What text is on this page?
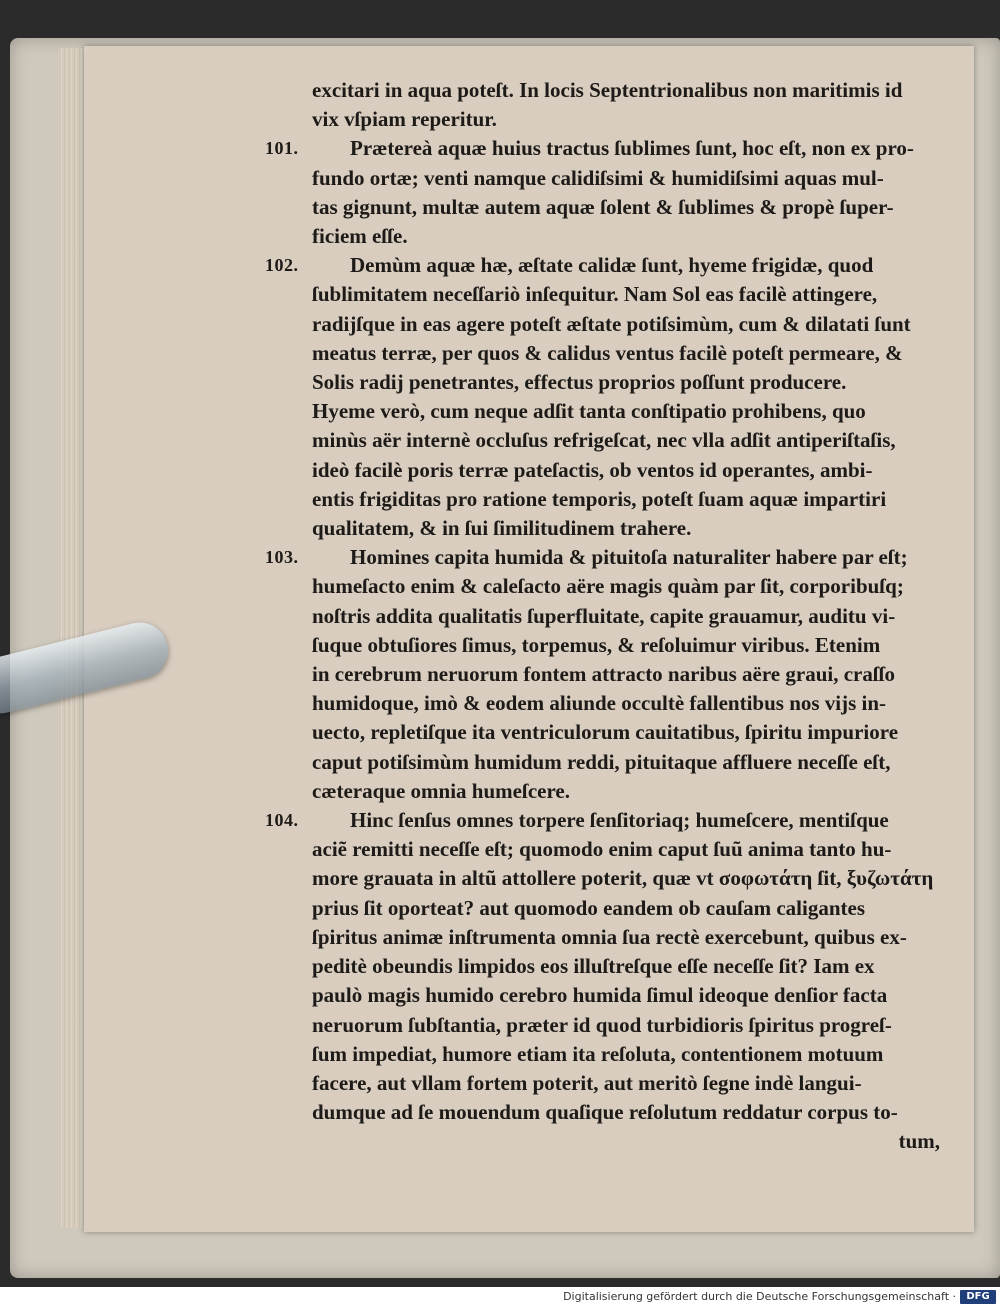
excitari in aqua poteſt. In locis Septentrionalibus non maritimis id

vix vſpiam reperitur.

101.	Prætereà aquæ huius tractus ſublimes ſunt, hoc eſt, non ex pro-

fundo ortæ; venti namque calidiſsimi & humidiſsimi aquas mul-

tas gignunt, multæ autem aquæ ſolent & ſublimes & propè ſuper-

ficiem eſſe.

102.	Demùm aquæ hæ, æſtate calidæ ſunt, hyeme frigidæ, quod

ſublimitatem neceſſariò inſequitur. Nam Sol eas facilè attingere,

radijſque in eas agere poteſt æſtate potiſsimùm, cum & dilatati ſunt

meatus terræ, per quos & calidus ventus facilè poteſt permeare, &

Solis radij penetrantes, effectus proprios poſſunt producere.

Hyeme verò, cum neque adſit tanta conſtipatio prohibens, quo

minùs aër internè occluſus refrigeſcat, nec vlla adſit antiperiſtaſis,

ideò facilè poris terræ pateſactis, ob ventos id operantes, ambi-

entis frigiditas pro ratione temporis, poteſt ſuam aquæ impartiri

qualitatem, & in ſui ſimilitudinem trahere.

103.	Homines capita humida & pituitoſa naturaliter habere par eſt;

humeſacto enim & caleſacto aëre magis quàm par ſit, corporibuſq;

noſtris addita qualitatis ſuperfluitate, capite grauamur, auditu vi-

ſuque obtuſiores ſimus, torpemus, & reſoluimur viribus. Etenim

in cerebrum neruorum fontem attracto naribus aëre graui, craſſo

humidoque, imò & eodem aliunde occultè fallentibus nos vijs in-

uecto, repletiſque ita ventriculorum cauitatibus, ſpiritu impuriore

caput potiſsimùm humidum reddi, pituitaque affluere neceſſe eſt,

cæteraque omnia humeſcere.

104.	Hinc ſenſus omnes torpere ſenſitoriaq; humeſcere, mentiſque

aciẽ remitti neceſſe eſt; quomodo enim caput ſuũ anima tanto hu-

more grauata in altũ attollere poterit, quæ vt σοφωτάτη ſit, ξυζωτάτη

prius ſit oporteat? aut quomodo eandem ob cauſam caligantes

ſpiritus animæ inſtrumenta omnia ſua rectè exercebunt, quibus ex-

peditè obeundis limpidos eos illuſtreſque eſſe neceſſe ſit? Iam ex

paulò magis humido cerebro humida ſimul ideoque denſior facta

neruorum ſubſtantia, præter id quod turbidioris ſpiritus progreſ-

ſum impediat, humore etiam ita reſoluta, contentionem motuum

facere, aut vllam fortem poterit, aut meritò ſegne indè langui-

dumque ad ſe mouendum quaſique reſolutum reddatur corpus to-

tum,

Digitalisierung gefördert durch die Deutsche Forschungsgemeinschaft ·	DFG
